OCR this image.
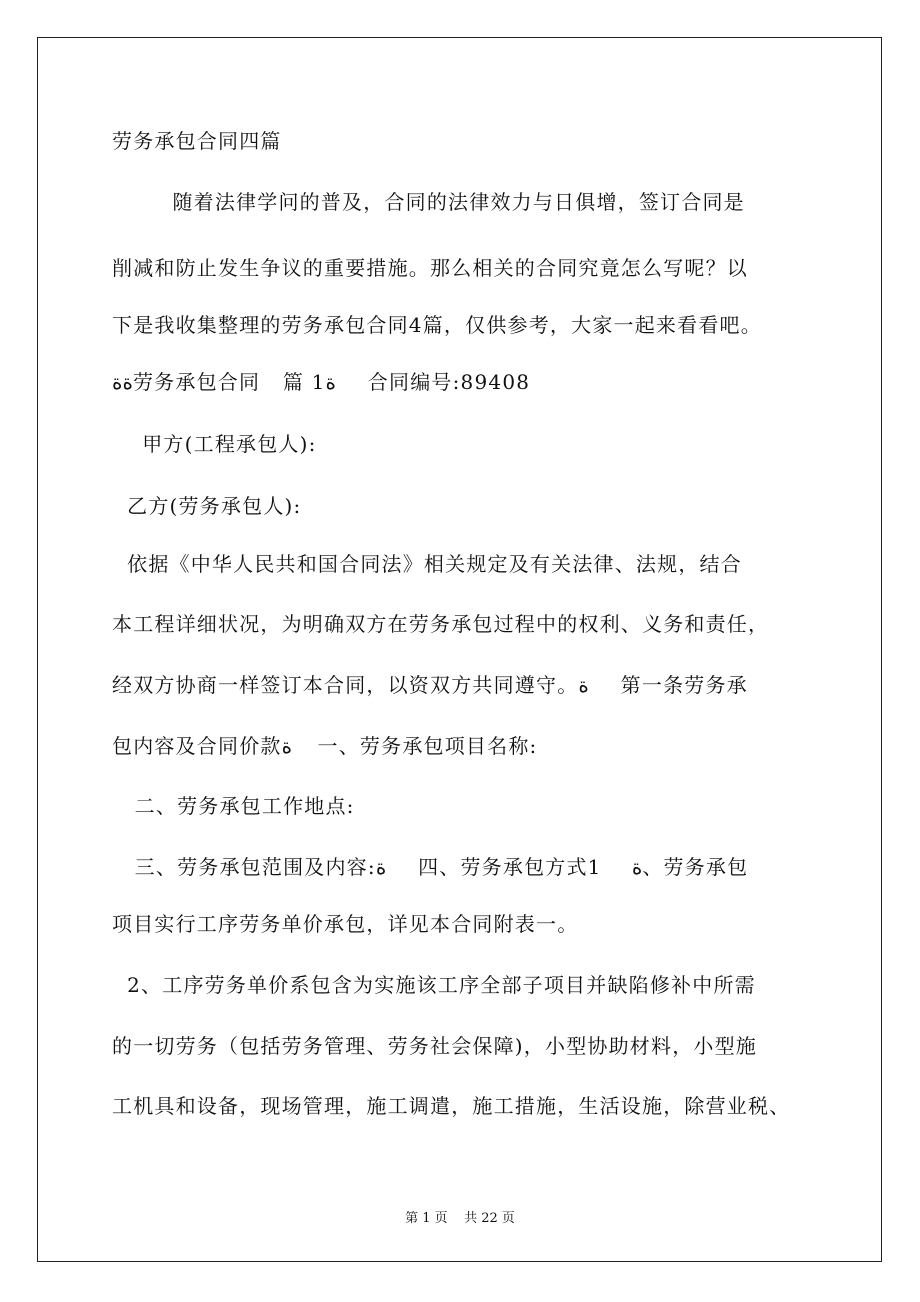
劳务承包合同四篇
随着法律学问的普及，合同的法律效力与日俱增，签订合同是
削减和防止发生争议的重要措施。那么相关的合同究竟怎么写呢？以
下是我收集整理的劳务承包合同4篇，仅供参考，大家一起来看看吧。
ةة劳务承包合同   篇 1ة     合同编号:89408
甲方(工程承包人):
乙方(劳务承包人):
依据《中华人民共和国合同法》相关规定及有关法律、法规，结合
本工程详细状况，为明确双方在劳务承包过程中的权利、义务和责任，
经双方协商一样签订本合同，以资双方共同遵守。ة     第一条劳务承
包内容及合同价款ة    一、劳务承包项目名称:
二、劳务承包工作地点:
三、劳务承包范围及内容:ة     四、劳务承包方式1    ة、劳务承包
项目实行工序劳务单价承包，详见本合同附表一。
2、工序劳务单价系包含为实施该工序全部子项目并缺陷修补中所需
的一切劳务（包括劳务管理、劳务社会保障)，小型协助材料，小型施
工机具和设备，现场管理，施工调遣，施工措施，生活设施，除营业税、
第 1 页    共 22 页
